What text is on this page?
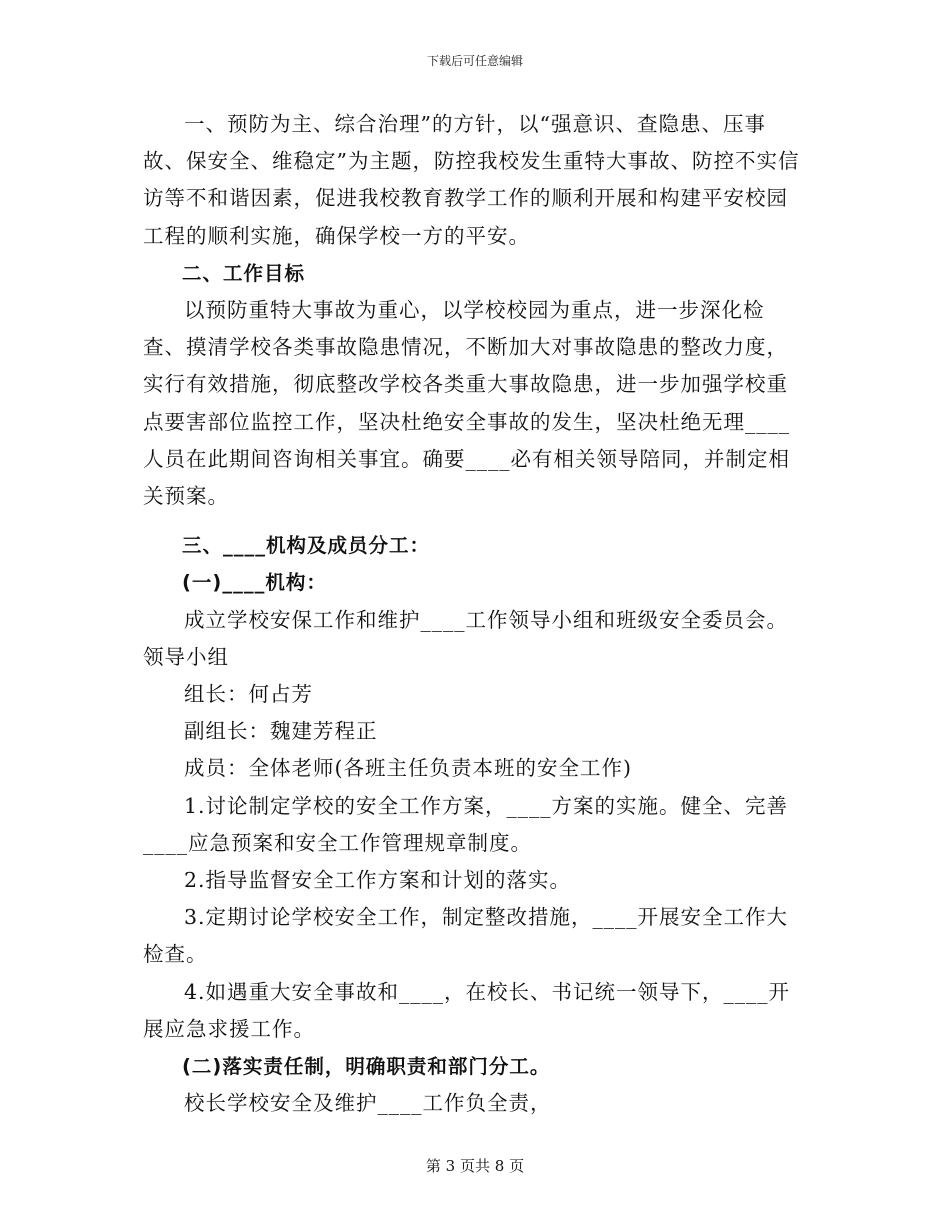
下载后可任意编辑

一、预防为主、综合治理”的方针，以“强意识、查隐患、压事故、保安全、维稳定”为主题，防控我校发生重特大事故、防控不实信访等不和谐因素，促进我校教育教学工作的顺利开展和构建平安校园工程的顺利实施，确保学校一方的平安。

二、工作目标

以预防重特大事故为重心，以学校校园为重点，进一步深化检查、摸清学校各类事故隐患情况，不断加大对事故隐患的整改力度，实行有效措施，彻底整改学校各类重大事故隐患，进一步加强学校重点要害部位监控工作，坚决杜绝安全事故的发生，坚决杜绝无理____人员在此期间咨询相关事宜。确要____必有相关领导陪同，并制定相关预案。

三、____机构及成员分工：

(一)____机构：

成立学校安保工作和维护____工作领导小组和班级安全委员会。领导小组

组长：何占芳

副组长：魏建芳程正

成员：全体老师(各班主任负责本班的安全工作)

1.讨论制定学校的安全工作方案，____方案的实施。健全、完善____应急预案和安全工作管理规章制度。

2.指导监督安全工作方案和计划的落实。

3.定期讨论学校安全工作，制定整改措施，____开展安全工作大检查。

4.如遇重大安全事故和____，在校长、书记统一领导下，____开展应急求援工作。

(二)落实责任制，明确职责和部门分工。

校长学校安全及维护____工作负全责，

第 3 页共 8 页
